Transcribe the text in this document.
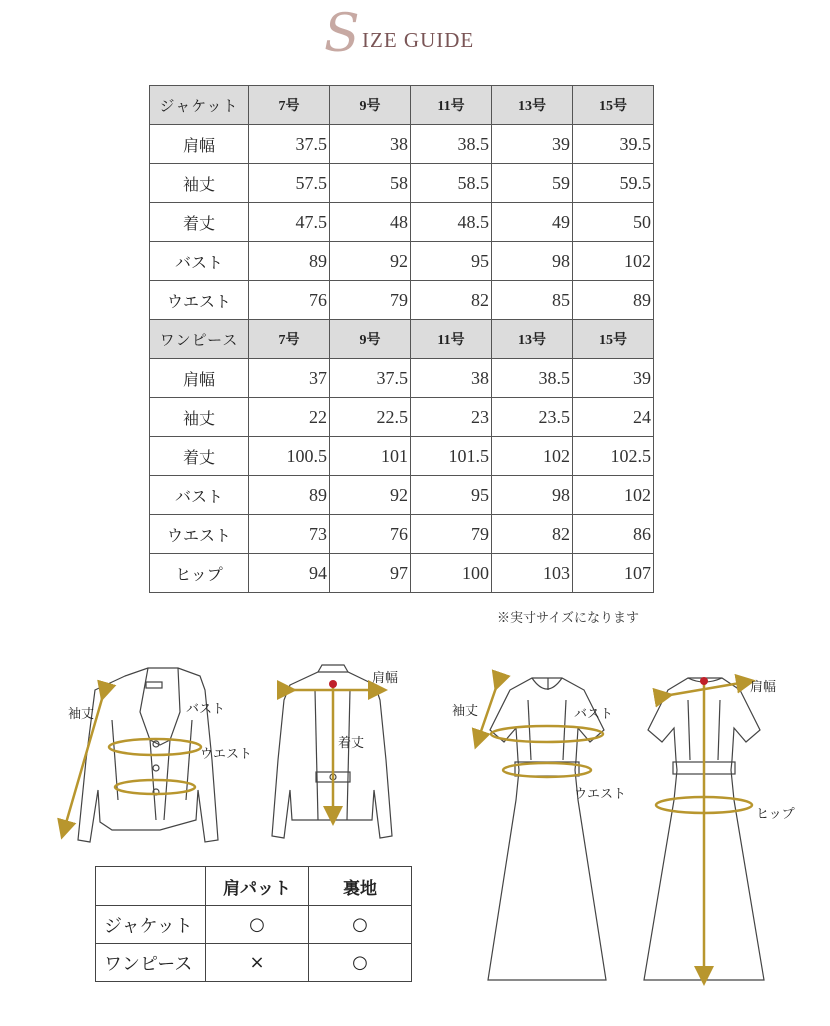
S IZE GUIDE
ジャケット	7号	9号	11号	13号	15号
肩幅	37.5	38	38.5	39	39.5
袖丈	57.5	58	58.5	59	59.5
着丈	47.5	48	48.5	49	50
バスト	89	92	95	98	102
ウエスト	76	79	82	85	89
ワンピース	7号	9号	11号	13号	15号
肩幅	37	37.5	38	38.5	39
袖丈	22	22.5	23	23.5	24
着丈	100.5	101	101.5	102	102.5
バスト	89	92	95	98	102
ウエスト	73	76	79	82	86
ヒップ	94	97	100	103	107
※実寸サイズになります
袖丈	バスト
ウエスト
肩幅
着丈
袖丈	バスト
ウエスト
肩幅
ヒップ
	肩パット	裏地
ジャケット	○	○
ワンピース	×	○
